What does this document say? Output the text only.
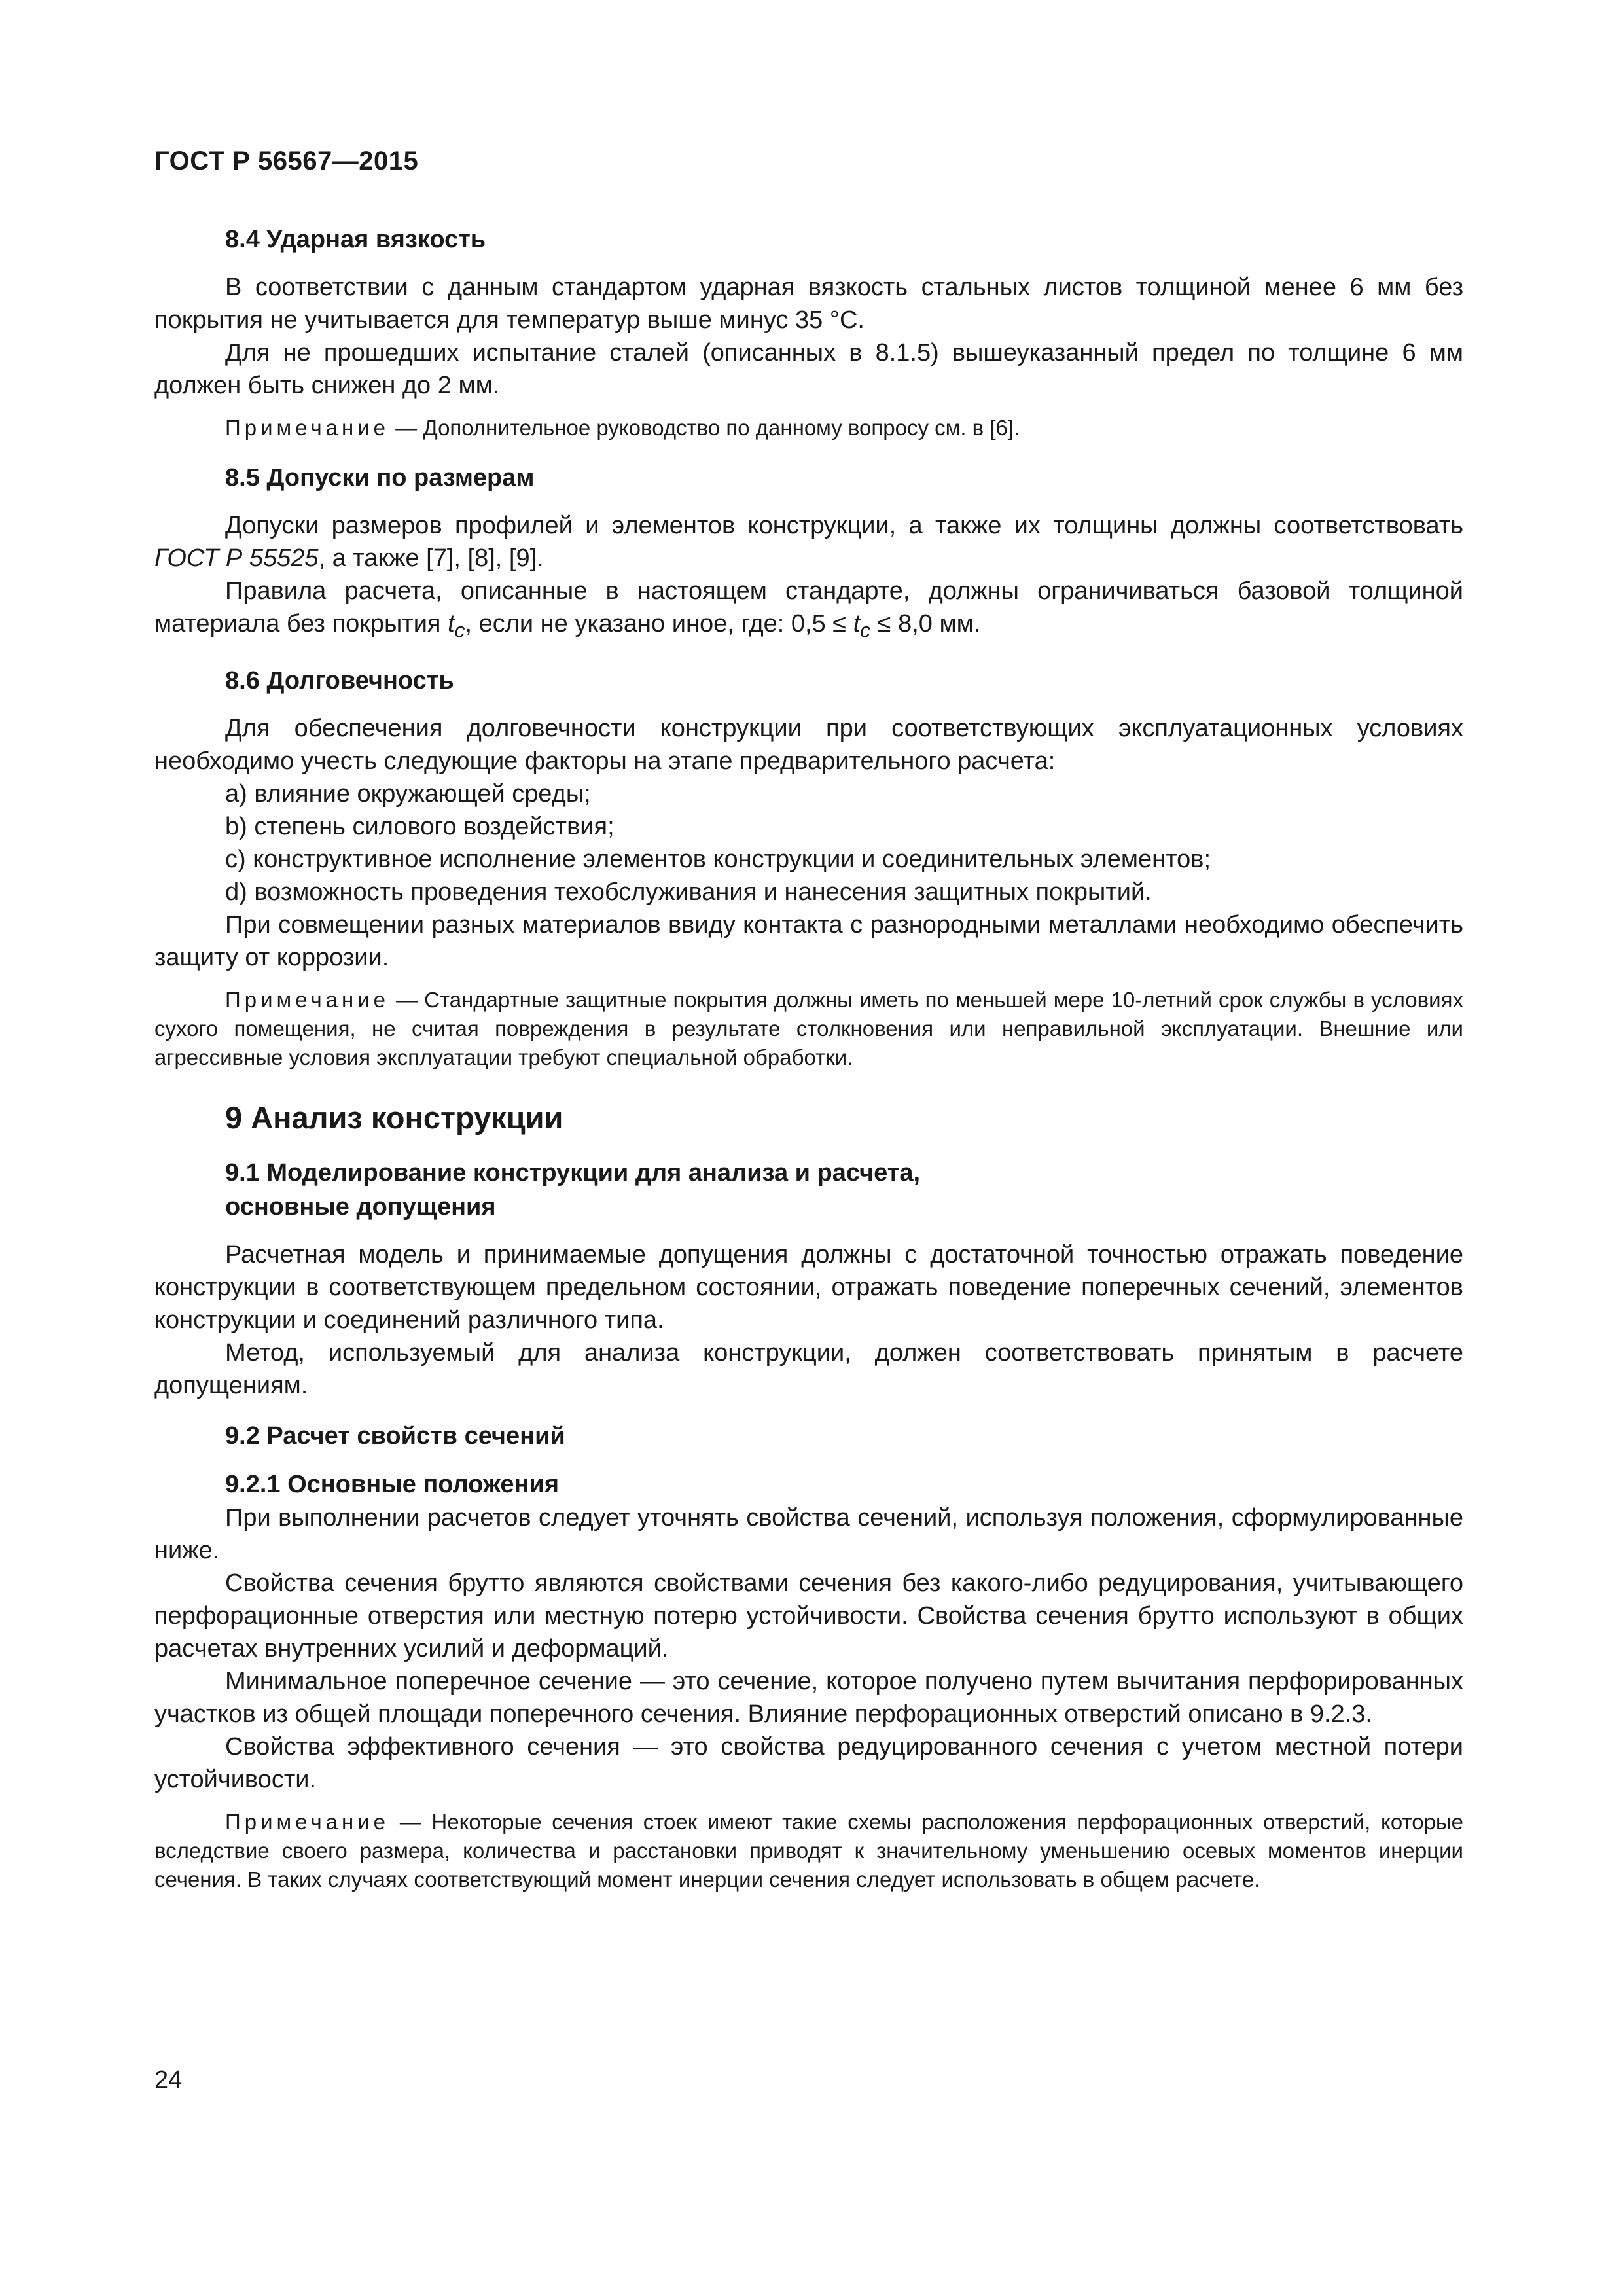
ГОСТ Р 56567—2015
8.4 Ударная вязкость

В соответствии с данным стандартом ударная вязкость стальных листов толщиной менее 6 мм без покрытия не учитывается для температур выше минус 35 °С.

Для не прошедших испытание сталей (описанных в 8.1.5) вышеуказанный предел по толщине 6 мм должен быть снижен до 2 мм.

Примечание — Дополнительное руководство по данному вопросу см. в [6].
8.5 Допуски по размерам

Допуски размеров профилей и элементов конструкции, а также их толщины должны соответствовать ГОСТ Р 55525, а также [7], [8], [9].

Правила расчета, описанные в настоящем стандарте, должны ограничиваться базовой толщиной материала без покрытия $t_c$, если не указано иное, где: $0,5 \le t_c \le 8,0$ мм.

8.6 Долговечность

Для обеспечения долговечности конструкции при соответствующих эксплуатационных условиях необходимо учесть следующие факторы на этапе предварительного расчета:

a) влияние окружающей среды;
b) степень силового воздействия;
c) конструктивное исполнение элементов конструкции и соединительных элементов;
d) возможность проведения техобслуживания и нанесения защитных покрытий.

При совмещении разных материалов ввиду контакта с разнородными металлами необходимо обеспечить защиту от коррозии.

Примечание — Стандартные защитные покрытия должны иметь по меньшей мере 10-летний срок службы в условиях сухого помещения, не считая повреждения в результате столкновения или неправильной эксплуатации. Внешние или агрессивные условия эксплуатации требуют специальной обработки.
9 Анализ конструкции
9.1 Моделирование конструкции для анализа и расчета,
основные допущения

Расчетная модель и принимаемые допущения должны с достаточной точностью отражать поведение конструкции в соответствующем предельном состоянии, отражать поведение поперечных сечений, элементов конструкции и соединений различного типа.

Метод, используемый для анализа конструкции, должен соответствовать принятым в расчете допущениям.

9.2 Расчет свойств сечений
9.2.1 Основные положения

При выполнении расчетов следует уточнять свойства сечений, используя положения, сформулированные ниже.

Свойства сечения брутто являются свойствами сечения без какого-либо редуцирования, учитывающего перфорационные отверстия или местную потерю устойчивости. Свойства сечения брутто используют в общих расчетах внутренних усилий и деформаций.

Минимальное поперечное сечение — это сечение, которое получено путем вычитания перфорированных участков из общей площади поперечного сечения. Влияние перфорационных отверстий описано в 9.2.3.

Свойства эффективного сечения — это свойства редуцированного сечения с учетом местной потери устойчивости.

Примечание — Некоторые сечения стоек имеют такие схемы расположения перфорационных отверстий, которые вследствие своего размера, количества и расстановки приводят к значительному уменьшению осевых моментов инерции сечения. В таких случаях соответствующий момент инерции сечения следует использовать в общем расчете.
24
